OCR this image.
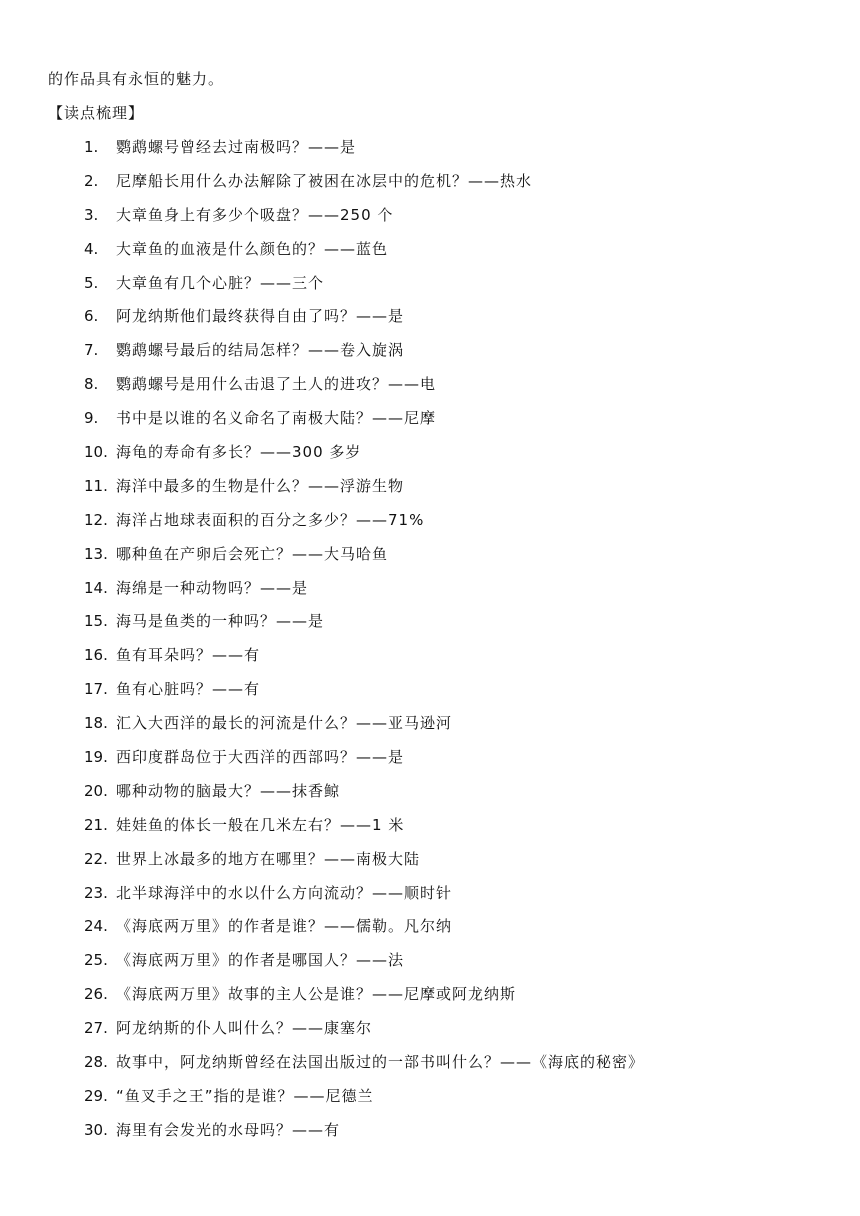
的作品具有永恒的魅力。
【读点梳理】
1.	鹦鹉螺号曾经去过南极吗？——是
2.	尼摩船长用什么办法解除了被困在冰层中的危机？——热水
3.	大章鱼身上有多少个吸盘？——250 个
4.	大章鱼的血液是什么颜色的？——蓝色
5.	大章鱼有几个心脏？——三个
6.	阿龙纳斯他们最终获得自由了吗？——是
7.	鹦鹉螺号最后的结局怎样？——卷入旋涡
8.	鹦鹉螺号是用什么击退了土人的进攻？——电
9.	书中是以谁的名义命名了南极大陆？——尼摩
10. 海龟的寿命有多长？——300 多岁
11. 海洋中最多的生物是什么？——浮游生物
12. 海洋占地球表面积的百分之多少？——71%
13. 哪种鱼在产卵后会死亡？——大马哈鱼
14. 海绵是一种动物吗？——是
15. 海马是鱼类的一种吗？——是
16. 鱼有耳朵吗？——有
17. 鱼有心脏吗？——有
18. 汇入大西洋的最长的河流是什么？——亚马逊河
19. 西印度群岛位于大西洋的西部吗？——是
20. 哪种动物的脑最大？——抹香鲸
21. 娃娃鱼的体长一般在几米左右？——1 米
22. 世界上冰最多的地方在哪里？——南极大陆
23. 北半球海洋中的水以什么方向流动？——顺时针
24. 《海底两万里》的作者是谁？——儒勒。凡尔纳
25. 《海底两万里》的作者是哪国人？——法
26. 《海底两万里》故事的主人公是谁？——尼摩或阿龙纳斯
27. 阿龙纳斯的仆人叫什么？——康塞尔
28. 故事中，阿龙纳斯曾经在法国出版过的一部书叫什么？——《海底的秘密》
29. “鱼叉手之王”指的是谁？——尼德兰
30. 海里有会发光的水母吗？——有
